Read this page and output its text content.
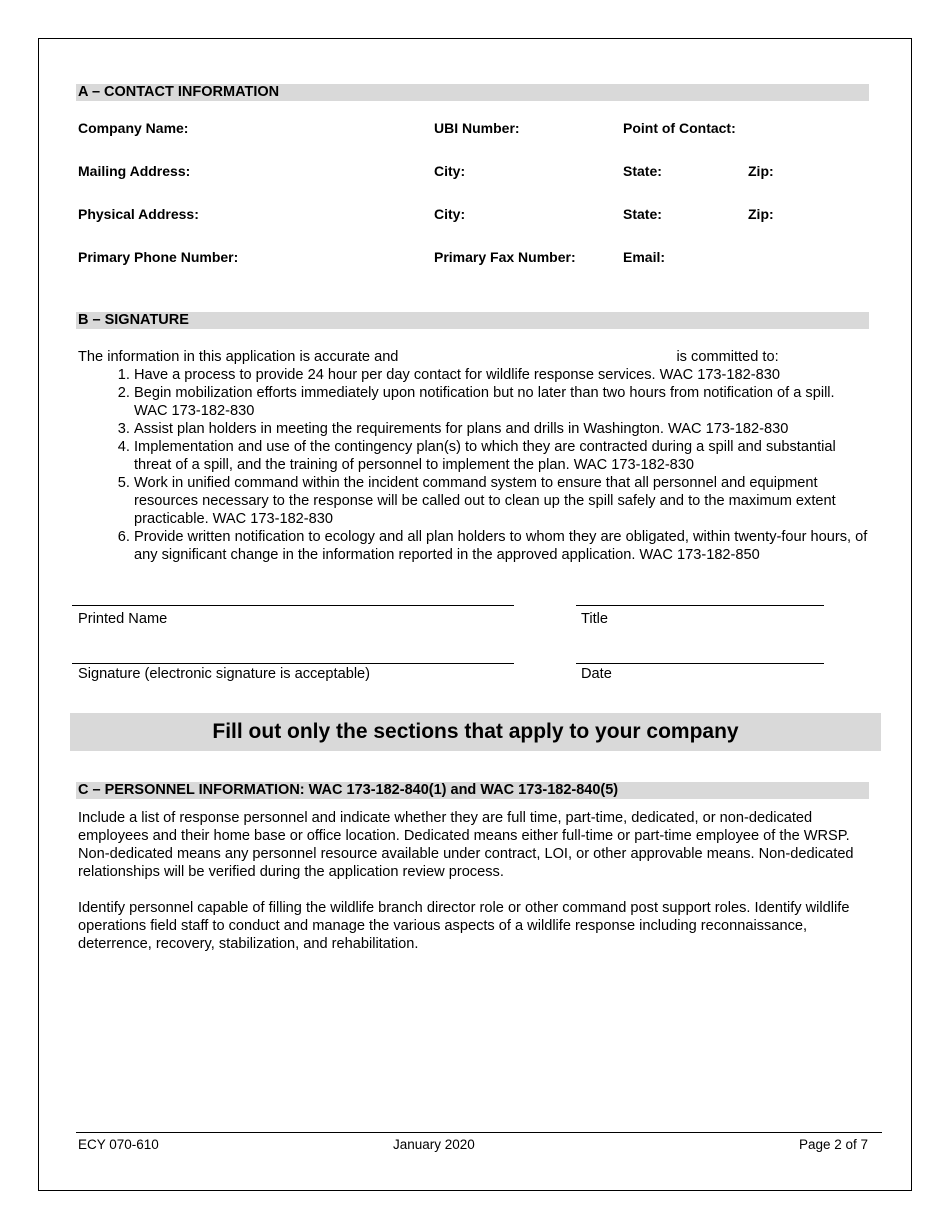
A – CONTACT INFORMATION
Company Name:	UBI Number:	Point of Contact:
Mailing Address:	City:	State:	Zip:
Physical Address:	City:	State:	Zip:
Primary Phone Number:	Primary Fax Number:	Email:
B – SIGNATURE
The information in this application is accurate and	is committed to:
1. Have a process to provide 24 hour per day contact for wildlife response services. WAC 173-182-830
2. Begin mobilization efforts immediately upon notification but no later than two hours from notification of a spill. WAC 173-182-830
3. Assist plan holders in meeting the requirements for plans and drills in Washington. WAC 173-182-830
4. Implementation and use of the contingency plan(s) to which they are contracted during a spill and substantial threat of a spill, and the training of personnel to implement the plan. WAC 173-182-830
5. Work in unified command within the incident command system to ensure that all personnel and equipment resources necessary to the response will be called out to clean up the spill safely and to the maximum extent practicable. WAC 173-182-830
6. Provide written notification to ecology and all plan holders to whom they are obligated, within twenty-four hours, of any significant change in the information reported in the approved application. WAC 173-182-850
Printed Name	Title
Signature (electronic signature is acceptable)	Date
Fill out only the sections that apply to your company
C – PERSONNEL INFORMATION: WAC 173-182-840(1) and WAC 173-182-840(5)
Include a list of response personnel and indicate whether they are full time, part-time, dedicated, or non-dedicated employees and their home base or office location. Dedicated means either full-time or part-time employee of the WRSP. Non-dedicated means any personnel resource available under contract, LOI, or other approvable means. Non-dedicated relationships will be verified during the application review process.
Identify personnel capable of filling the wildlife branch director role or other command post support roles. Identify wildlife operations field staff to conduct and manage the various aspects of a wildlife response including reconnaissance, deterrence, recovery, stabilization, and rehabilitation.
ECY 070-610	January 2020	Page 2 of 7
